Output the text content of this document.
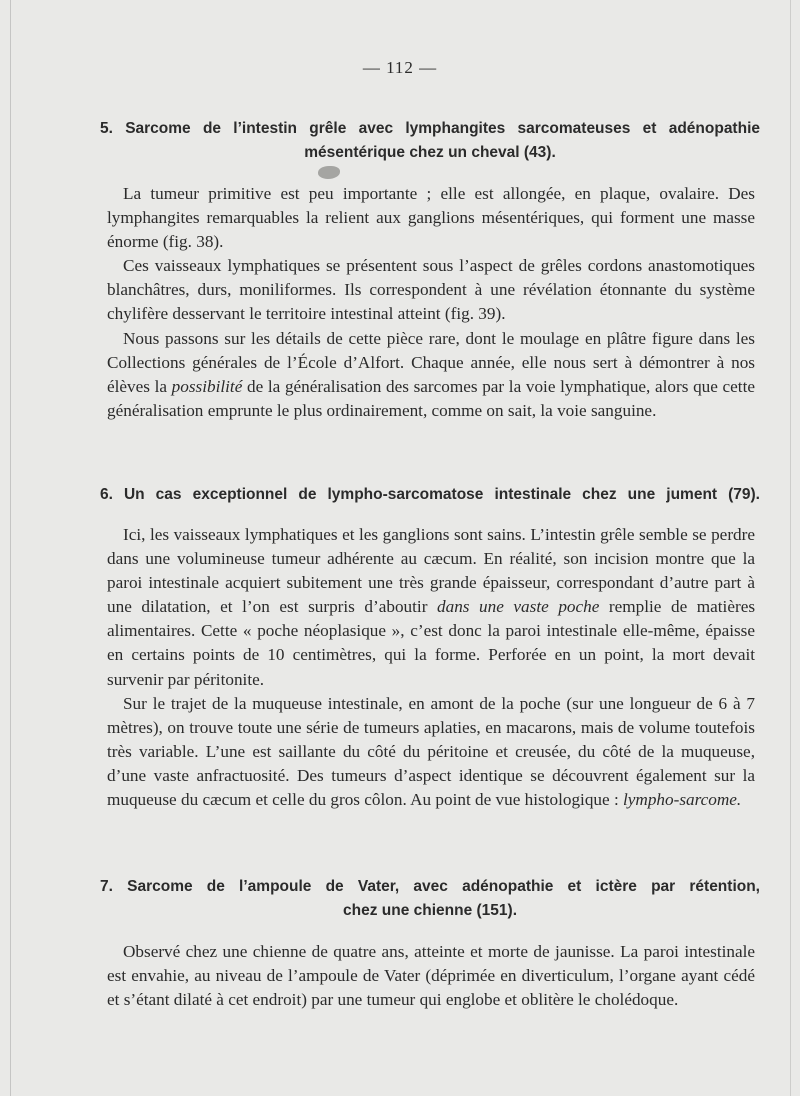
— 112 —
5. Sarcome de l’intestin grêle avec lymphangites sarcomateuses et adénopathie
mésentérique chez un cheval (43).

La tumeur primitive est peu importante ; elle est allongée, en plaque, ovalaire. Des lymphangites remarquables la relient aux ganglions mésentériques, qui forment une masse énorme (fig. 38).

Ces vaisseaux lymphatiques se présentent sous l’aspect de grêles cordons anastomotiques blanchâtres, durs, moniliformes. Ils correspondent à une révélation étonnante du système chylifère desservant le territoire intestinal atteint (fig. 39).

Nous passons sur les détails de cette pièce rare, dont le moulage en plâtre figure dans les Collections générales de l’École d’Alfort. Chaque année, elle nous sert à démontrer à nos élèves la possibilité de la généralisation des sarcomes par la voie lymphatique, alors que cette généralisation emprunte le plus ordinairement, comme on sait, la voie sanguine.

6. Un cas exceptionnel de lympho-sarcomatose intestinale chez une jument (79).

Ici, les vaisseaux lymphatiques et les ganglions sont sains. L’intestin grêle semble se perdre dans une volumineuse tumeur adhérente au cæcum. En réalité, son incision montre que la paroi intestinale acquiert subitement une très grande épaisseur, correspondant d’autre part à une dilatation, et l’on est surpris d’aboutir dans une vaste poche remplie de matières alimentaires. Cette « poche néoplasique », c’est donc la paroi intestinale elle-même, épaisse en certains points de 10 centimètres, qui la forme. Perforée en un point, la mort devait survenir par péritonite.

Sur le trajet de la muqueuse intestinale, en amont de la poche (sur une longueur de 6 à 7 mètres), on trouve toute une série de tumeurs aplaties, en macarons, mais de volume toutefois très variable. L’une est saillante du côté du péritoine et creusée, du côté de la muqueuse, d’une vaste anfractuosité. Des tumeurs d’aspect identique se découvrent également sur la muqueuse du cæcum et celle du gros côlon. Au point de vue histologique : lympho-sarcome.

7. Sarcome de l’ampoule de Vater, avec adénopathie et ictère par rétention,
chez une chienne (151).

Observé chez une chienne de quatre ans, atteinte et morte de jaunisse. La paroi intestinale est envahie, au niveau de l’ampoule de Vater (déprimée en diverticulum, l’organe ayant cédé et s’étant dilaté à cet endroit) par une tumeur qui englobe et oblitère le cholédoque.
